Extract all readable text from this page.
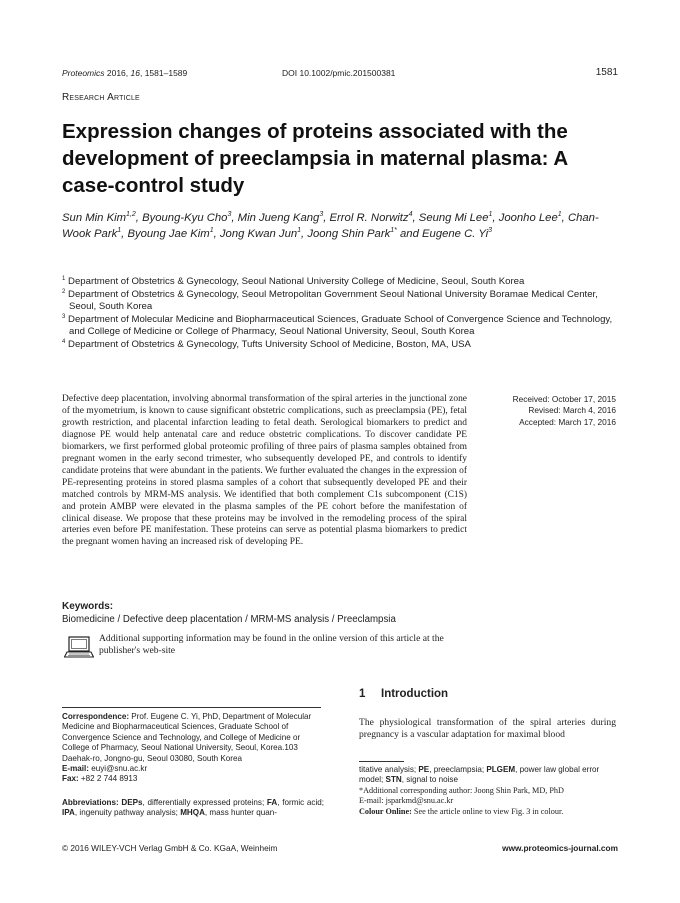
Proteomics 2016, 16, 1581–1589	DOI 10.1002/pmic.201500381	1581
Research Article
Expression changes of proteins associated with the development of preeclampsia in maternal plasma: A case-control study
Sun Min Kim$^{1,2}$, Byoung-Kyu Cho$^3$, Min Jueng Kang$^3$, Errol R. Norwitz$^4$, Seung Mi Lee$^1$, Joonho Lee$^1$, Chan-Wook Park$^1$, Byoung Jae Kim$^1$, Jong Kwan Jun$^1$, Joong Shin Park$^{1*}$ and Eugene C. Yi$^3$
$^1$ Department of Obstetrics & Gynecology, Seoul National University College of Medicine, Seoul, South Korea
$^2$ Department of Obstetrics & Gynecology, Seoul Metropolitan Government Seoul National University Boramae Medical Center, Seoul, South Korea
$^3$ Department of Molecular Medicine and Biopharmaceutical Sciences, Graduate School of Convergence Science and Technology, and College of Medicine or College of Pharmacy, Seoul National University, Seoul, South Korea
$^4$ Department of Obstetrics & Gynecology, Tufts University School of Medicine, Boston, MA, USA
Defective deep placentation, involving abnormal transformation of the spiral arteries in the junctional zone of the myometrium, is known to cause significant obstetric complications, such as preeclampsia (PE), fetal growth restriction, and placental infarction leading to fetal death. Serological biomarkers to predict and diagnose PE would help antenatal care and reduce obstetric complications. To discover candidate PE biomarkers, we first performed global proteomic profiling of three pairs of plasma samples obtained from pregnant women in the early second trimester, who subsequently developed PE, and controls to identify candidate proteins that were abundant in the patients. We further evaluated the changes in the expression of PE-representing proteins in stored plasma samples of a cohort that subsequently developed PE and their matched controls by MRM-MS analysis. We identified that both complement C1s subcomponent (C1S) and protein AMBP were elevated in the plasma samples of the PE cohort before the manifestation of clinical disease. We propose that these proteins may be involved in the remodeling process of the spiral arteries even before PE manifestation. These proteins can serve as potential plasma biomarkers to predict the pregnant women having an increased risk of developing PE.
Received: October 17, 2015
Revised: March 4, 2016
Accepted: March 17, 2016
Keywords:
Biomedicine / Defective deep placentation / MRM-MS analysis / Preeclampsia
Additional supporting information may be found in the online version of this article at the publisher's web-site
Correspondence: Prof. Eugene C. Yi, PhD, Department of Molecular Medicine and Biopharmaceutical Sciences, Graduate School of Convergence Science and Technology, and College of Medicine or College of Pharmacy, Seoul National University, Seoul, Korea.103 Daehak-ro, Jongno-gu, Seoul 03080, South Korea
E-mail: euyi@snu.ac.kr
Fax: +82 2 744 8913
Abbreviations: DEPs, differentially expressed proteins; FA, formic acid; IPA, ingenuity pathway analysis; MHQA, mass hunter quan-
1 Introduction
The physiological transformation of the spiral arteries during pregnancy is a vascular adaptation for maximal blood
titative analysis; PE, preeclampsia; PLGEM, power law global error model; STN, signal to noise
*Additional corresponding author: Joong Shin Park, MD, PhD
E-mail: jsparkmd@snu.ac.kr
Colour Online: See the article online to view Fig. 3 in colour.
© 2016 WILEY-VCH Verlag GmbH & Co. KGaA, Weinheim	www.proteomics-journal.com
